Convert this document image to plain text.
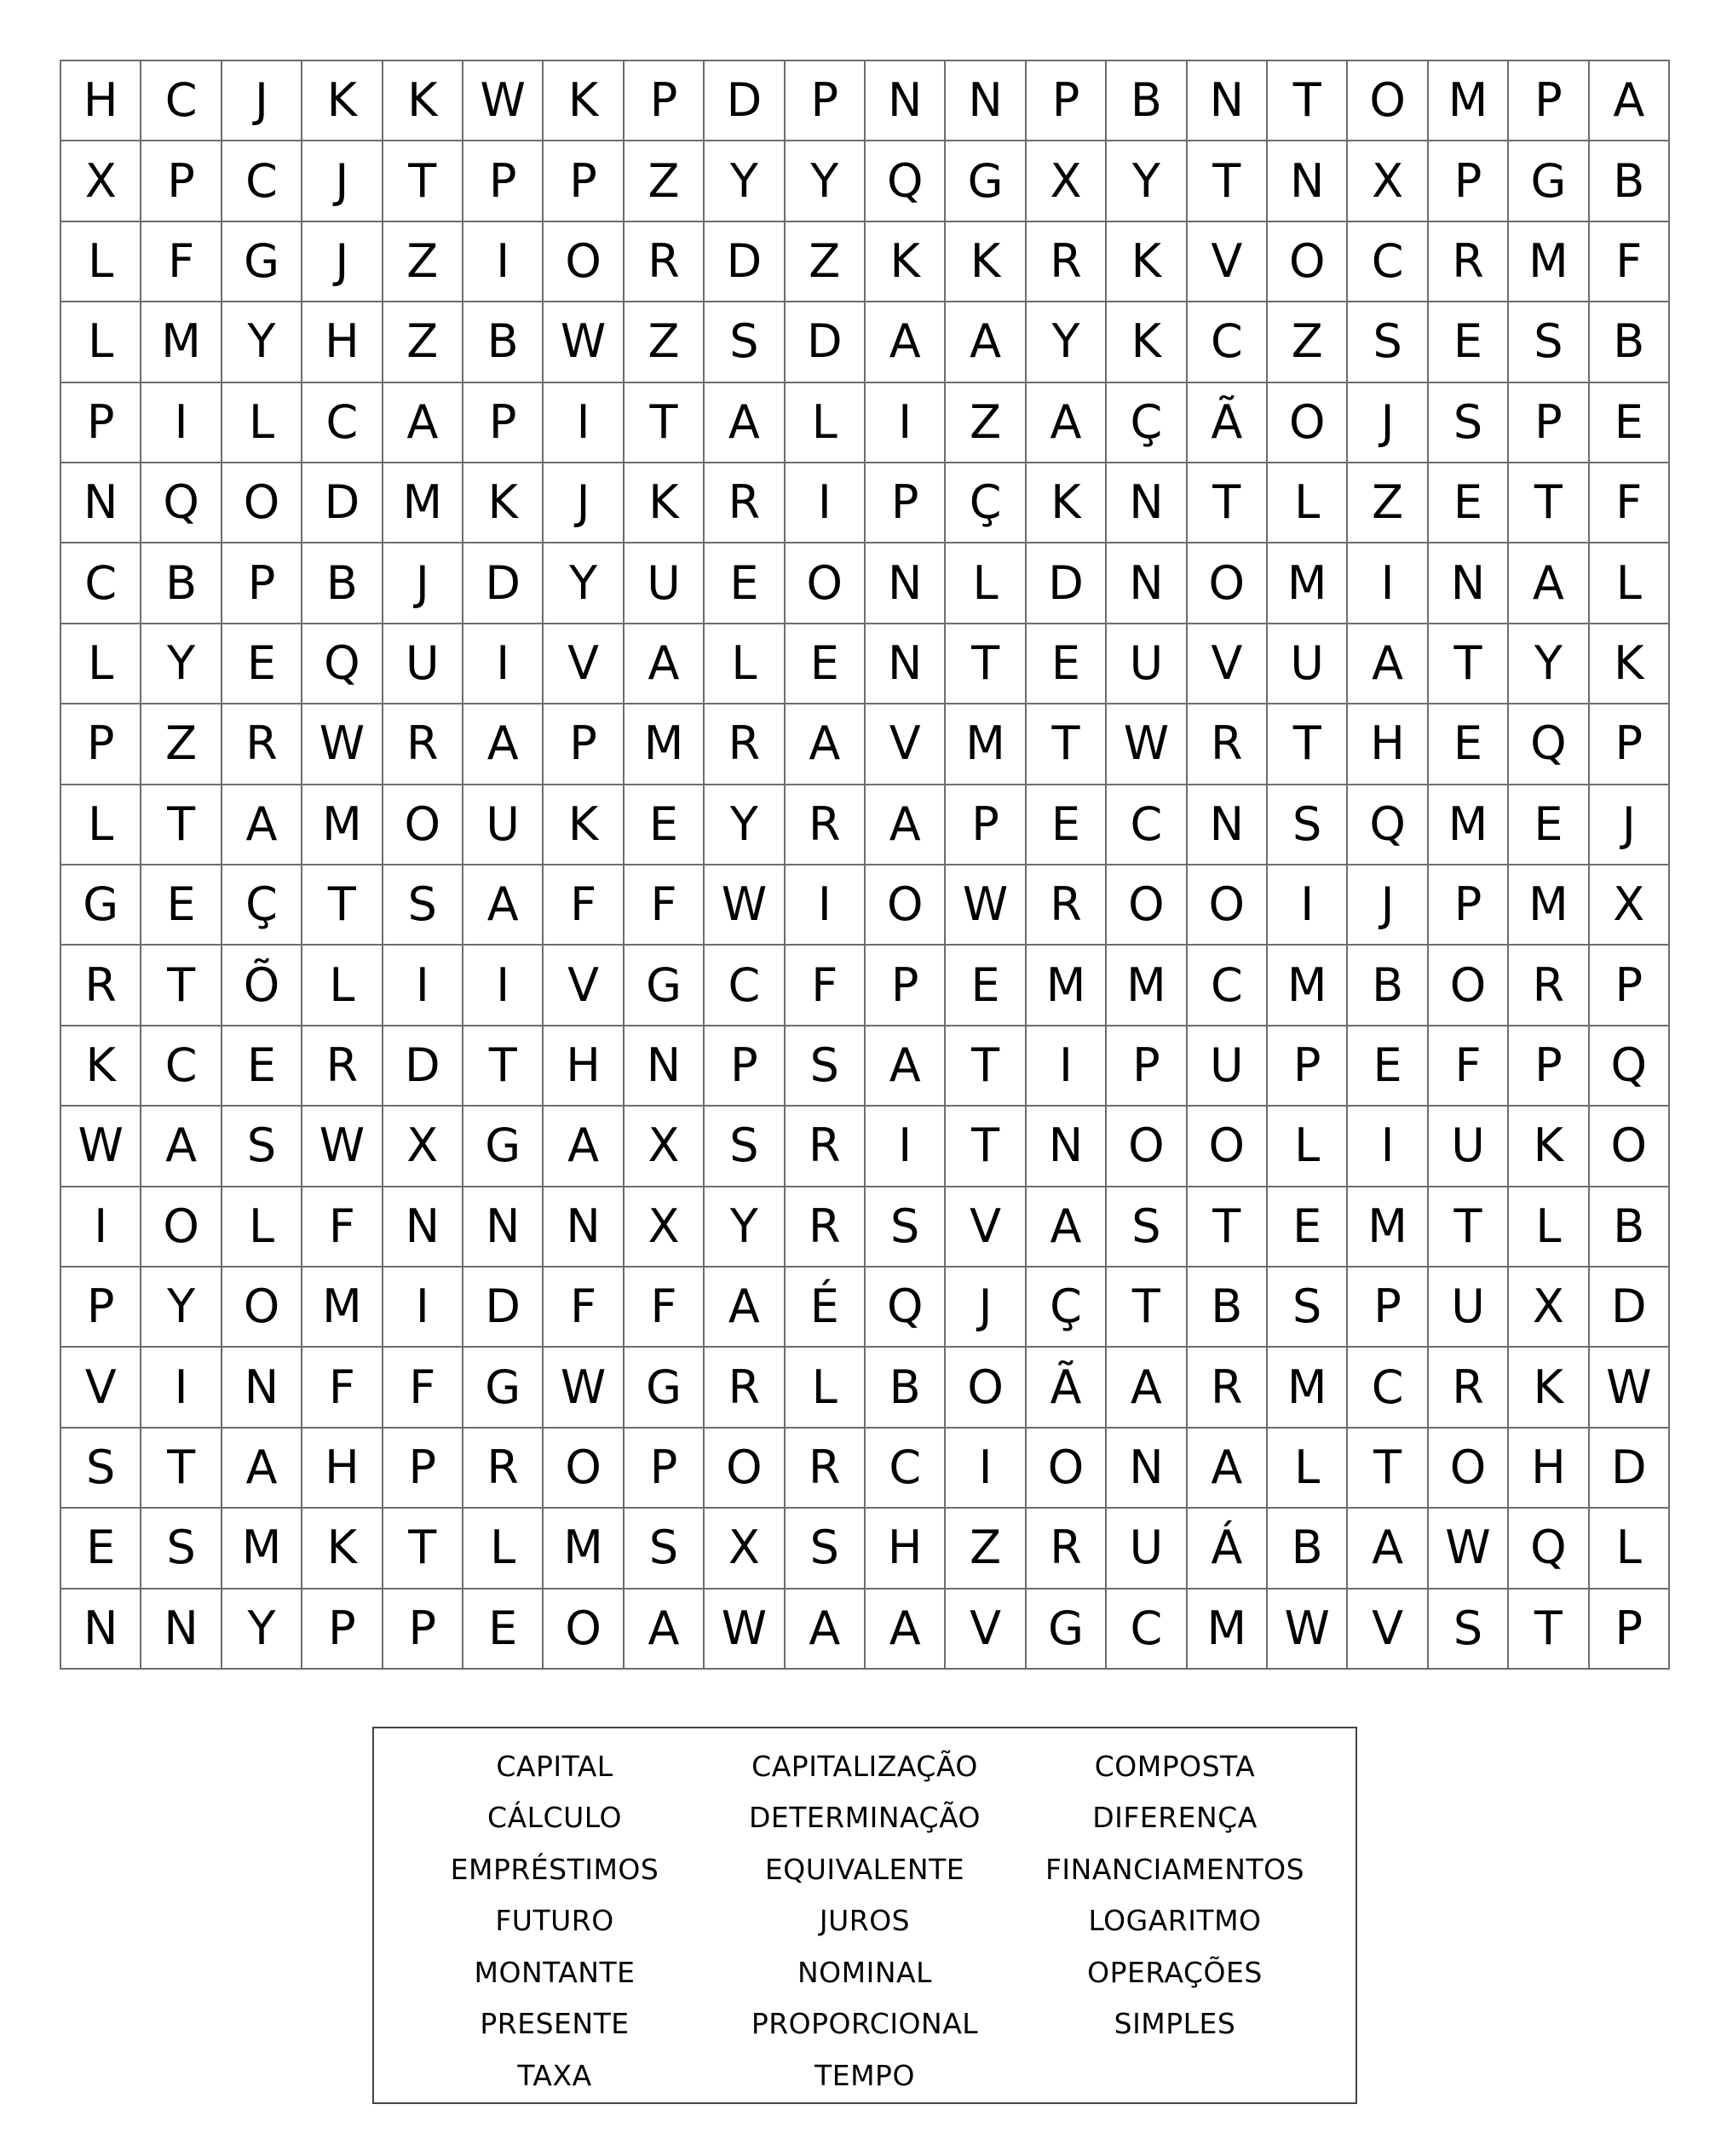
H	C	J	K	K W K	P	D	P	N	N	P	B	N	T	O M	P	A
X	P	C	J	T	P	P	Z	Y	Y	Q G	X	Y	T	N	X	P	G	B
L	F	G	J	Z	I	O	R	D	Z	K	K	R	K	V	O	C	R M	F
L	M	Y	H	Z	B W Z	S	D	A	A	Y	K	C	Z	S	E	S	B
P	I	L	C	A	P	I	T	A	L	I	Z	A	Ç	Ã	O	J	S	P	E
N Q O D M K	J	K	R	I	P	Ç	K	N	T	L	Z	E	T	F
C	B	P	B	J	D	Y	U	E	O N	L	D N O M	I	N	A	L
L	Y	E	Q U	I	V	A	L	E	N	T	E	U	V	U	A	T	Y	K
P	Z	R W R	A	P	M R	A	V M	T W R	T	H	E	Q	P
L	T	A M O U	K	E	Y	R	A	P	E	C	N	S	Q M	E	J
G	E	Ç	T	S	A	F	F W	I	O W R	O O	I	J	P	M X
R	T	Õ	L	I	I	V	G	C	F	P	E	M M C M B	O	R	P
K	C	E	R	D	T	H N	P	S	A	T	I	P	U	P	E	F	P	Q
W A	S W X	G	A	X	S	R	I	T	N O O	L	I	U	K	O
I	O	L	F	N N	N	X	Y	R	S	V	A	S	T	E	M	T	L	B
P	Y	O M	I	D	F	F	A	É	Q	J	Ç	T	B	S	P	U	X	D
V	I	N	F	F	G W G	R	L	B	O	Ã	A	R M C	R	K W
S	T	A	H	P	R	O	P	O	R	C	I	O N	A	L	T	O H D
E	S M K	T	L	M S	X	S	H	Z	R	U	Á	B	A W Q	L
N	N	Y	P	P	E	O	A W A	A	V	G	C M W V	S	T	P
CAPITAL	CAPITALIZAÇÃO	COMPOSTA
CÁLCULO	DETERMINAÇÃO	DIFERENÇA
EMPRÉSTIMOS	EQUIVALENTE	FINANCIAMENTOS
FUTURO	JUROS	LOGARITMO
MONTANTE	NOMINAL	OPERAÇÕES
PRESENTE	PROPORCIONAL	SIMPLES
TAXA	TEMPO
